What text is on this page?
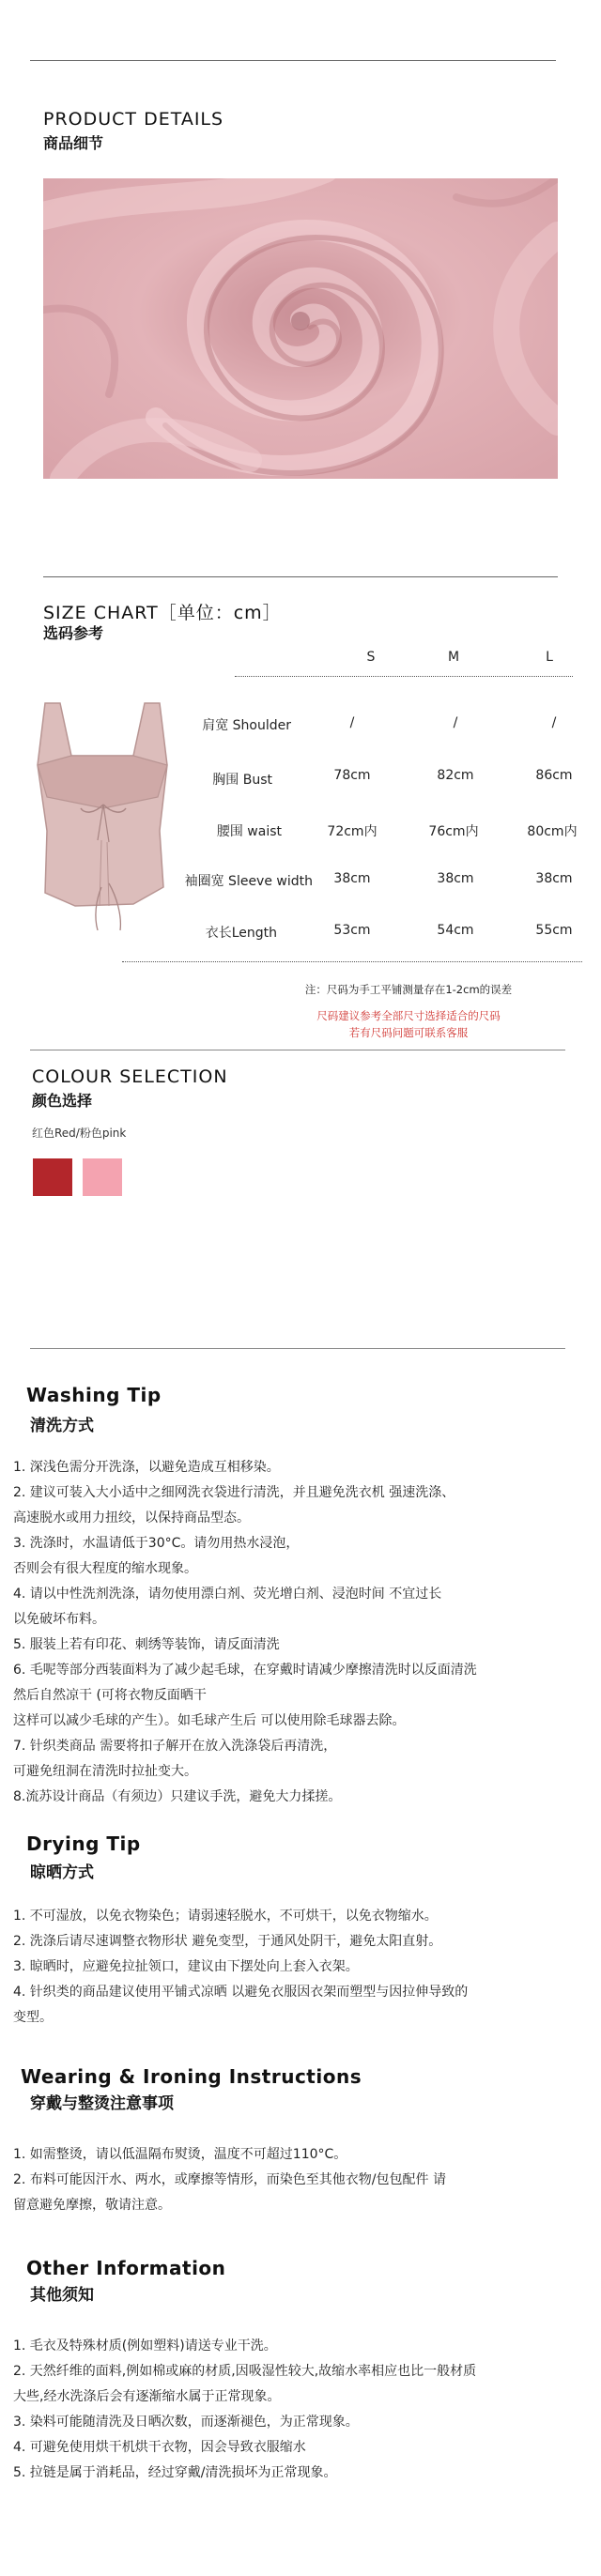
PRODUCT DETAILS
商品细节
SIZE CHART［单位：cm］
选码参考
S	M	L
肩宽 Shoulder	/	/	/
胸围 Bust	78cm	82cm	86cm
腰围 waist	72cm内	76cm内	80cm内
袖圈宽 Sleeve width	38cm	38cm	38cm
衣长Length	53cm	54cm	55cm
注：尺码为手工平铺测量存在1-2cm的误差
尺码建议参考全部尺寸选择适合的尺码
若有尺码问题可联系客服
COLOUR SELECTION
颜色选择
红色Red/粉色pink
Washing Tip
清洗方式
1. 深浅色需分开洗涤，以避免造成互相移染。
2. 建议可装入大小适中之细网洗衣袋进行清洗，并且避免洗衣机 强速洗涤、
高速脱水或用力扭绞，以保持商品型态。
3. 洗涤时，水温请低于30°C。请勿用热水浸泡，
否则会有很大程度的缩水现象。
4. 请以中性洗剂洗涤，请勿使用漂白剂、荧光增白剂、浸泡时间 不宜过长
以免破坏布料。
5. 服装上若有印花、刺绣等装饰，请反面清洗
6. 毛呢等部分西装面料为了减少起毛球，在穿戴时请减少摩擦清洗时以反面清洗
然后自然凉干 (可将衣物反面晒干
这样可以减少毛球的产生）。如毛球产生后 可以使用除毛球器去除。
7. 针织类商品 需要将扣子解开在放入洗涤袋后再清洗，
可避免纽洞在清洗时拉扯变大。
8.流苏设计商品（有须边）只建议手洗，避免大力揉搓。
Drying Tip
晾晒方式
1. 不可湿放，以免衣物染色；请弱速轻脱水，不可烘干，以免衣物缩水。
2. 洗涤后请尽速调整衣物形状 避免变型，于通风处阴干，避免太阳直射。
3. 晾晒时，应避免拉扯领口，建议由下摆处向上套入衣架。
4. 针织类的商品建议使用平铺式凉晒 以避免衣服因衣架而塑型与因拉伸导致的
变型。
Wearing & Ironing Instructions
穿戴与整烫注意事项
1. 如需整烫，请以低温隔布熨烫，温度不可超过110°C。
2. 布料可能因汗水、两水，或摩擦等情形，而染色至其他衣物/包包配件 请
留意避免摩擦，敬请注意。
Other Information
其他须知
1. 毛衣及特殊材质(例如塑料)请送专业干洗。
2. 天然纤维的面料,例如棉或麻的材质,因吸湿性较大,故缩水率相应也比一般材质
大些,经水洗涤后会有逐渐缩水属于正常现象。
3. 染料可能随清洗及日晒次数，而逐渐褪色，为正常现象。
4. 可避免使用烘干机烘干衣物，因会导致衣服缩水
5. 拉链是属于消耗品，经过穿戴/清洗损坏为正常现象。
